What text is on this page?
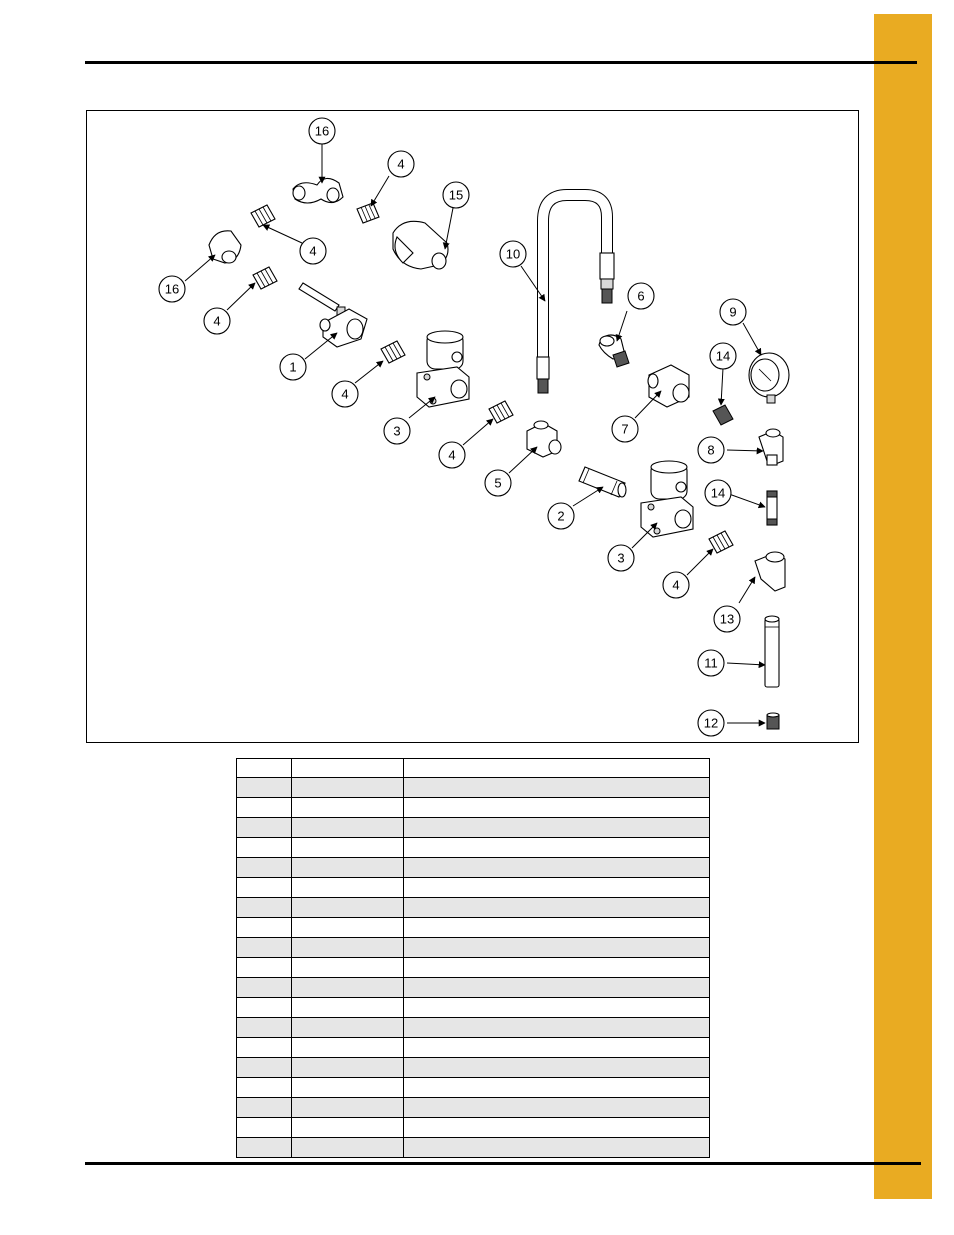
16
4
15
4
16
4
10
6
9
1
4
14
3	7
8
4
5
14
2
3
4
13
11
12
